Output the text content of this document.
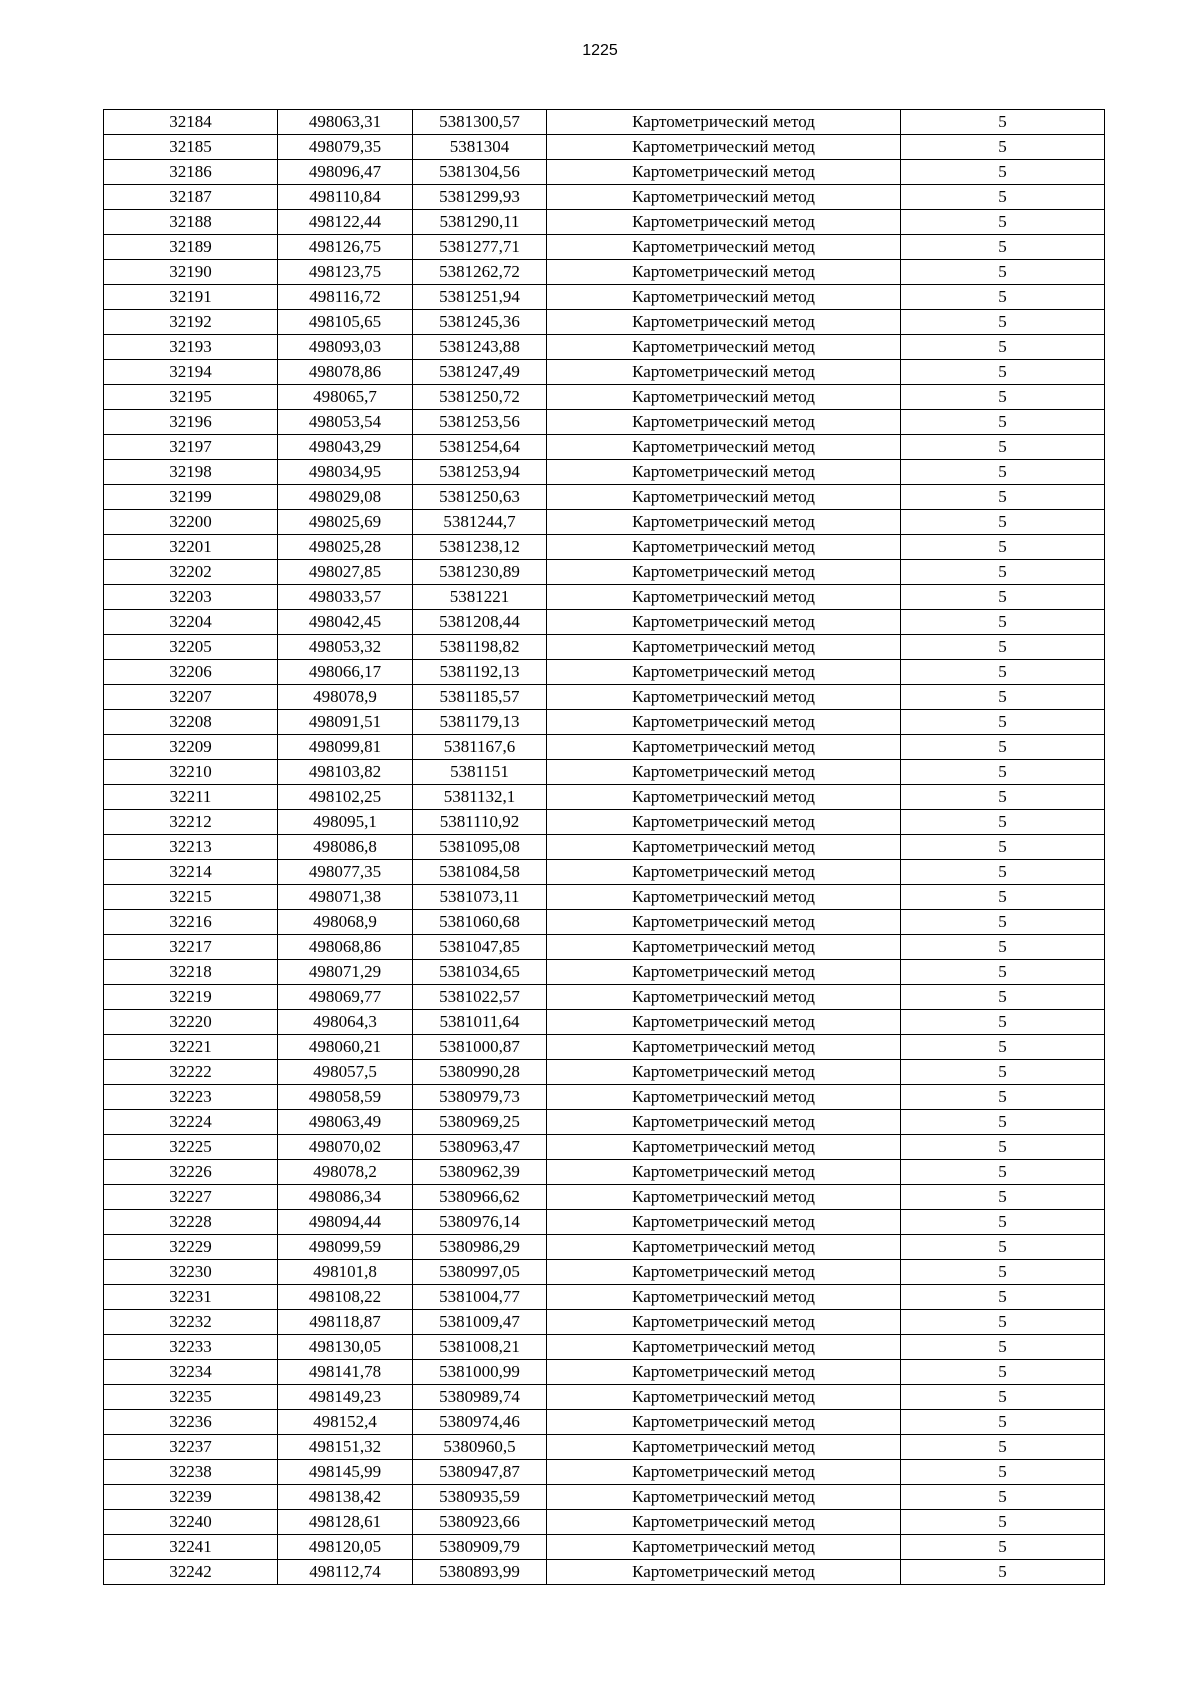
1225
32184	498063,31	5381300,57	Картометрический метод	5
32185	498079,35	5381304	Картометрический метод	5
32186	498096,47	5381304,56	Картометрический метод	5
32187	498110,84	5381299,93	Картометрический метод	5
32188	498122,44	5381290,11	Картометрический метод	5
32189	498126,75	5381277,71	Картометрический метод	5
32190	498123,75	5381262,72	Картометрический метод	5
32191	498116,72	5381251,94	Картометрический метод	5
32192	498105,65	5381245,36	Картометрический метод	5
32193	498093,03	5381243,88	Картометрический метод	5
32194	498078,86	5381247,49	Картометрический метод	5
32195	498065,7	5381250,72	Картометрический метод	5
32196	498053,54	5381253,56	Картометрический метод	5
32197	498043,29	5381254,64	Картометрический метод	5
32198	498034,95	5381253,94	Картометрический метод	5
32199	498029,08	5381250,63	Картометрический метод	5
32200	498025,69	5381244,7	Картометрический метод	5
32201	498025,28	5381238,12	Картометрический метод	5
32202	498027,85	5381230,89	Картометрический метод	5
32203	498033,57	5381221	Картометрический метод	5
32204	498042,45	5381208,44	Картометрический метод	5
32205	498053,32	5381198,82	Картометрический метод	5
32206	498066,17	5381192,13	Картометрический метод	5
32207	498078,9	5381185,57	Картометрический метод	5
32208	498091,51	5381179,13	Картометрический метод	5
32209	498099,81	5381167,6	Картометрический метод	5
32210	498103,82	5381151	Картометрический метод	5
32211	498102,25	5381132,1	Картометрический метод	5
32212	498095,1	5381110,92	Картометрический метод	5
32213	498086,8	5381095,08	Картометрический метод	5
32214	498077,35	5381084,58	Картометрический метод	5
32215	498071,38	5381073,11	Картометрический метод	5
32216	498068,9	5381060,68	Картометрический метод	5
32217	498068,86	5381047,85	Картометрический метод	5
32218	498071,29	5381034,65	Картометрический метод	5
32219	498069,77	5381022,57	Картометрический метод	5
32220	498064,3	5381011,64	Картометрический метод	5
32221	498060,21	5381000,87	Картометрический метод	5
32222	498057,5	5380990,28	Картометрический метод	5
32223	498058,59	5380979,73	Картометрический метод	5
32224	498063,49	5380969,25	Картометрический метод	5
32225	498070,02	5380963,47	Картометрический метод	5
32226	498078,2	5380962,39	Картометрический метод	5
32227	498086,34	5380966,62	Картометрический метод	5
32228	498094,44	5380976,14	Картометрический метод	5
32229	498099,59	5380986,29	Картометрический метод	5
32230	498101,8	5380997,05	Картометрический метод	5
32231	498108,22	5381004,77	Картометрический метод	5
32232	498118,87	5381009,47	Картометрический метод	5
32233	498130,05	5381008,21	Картометрический метод	5
32234	498141,78	5381000,99	Картометрический метод	5
32235	498149,23	5380989,74	Картометрический метод	5
32236	498152,4	5380974,46	Картометрический метод	5
32237	498151,32	5380960,5	Картометрический метод	5
32238	498145,99	5380947,87	Картометрический метод	5
32239	498138,42	5380935,59	Картометрический метод	5
32240	498128,61	5380923,66	Картометрический метод	5
32241	498120,05	5380909,79	Картометрический метод	5
32242	498112,74	5380893,99	Картометрический метод	5
